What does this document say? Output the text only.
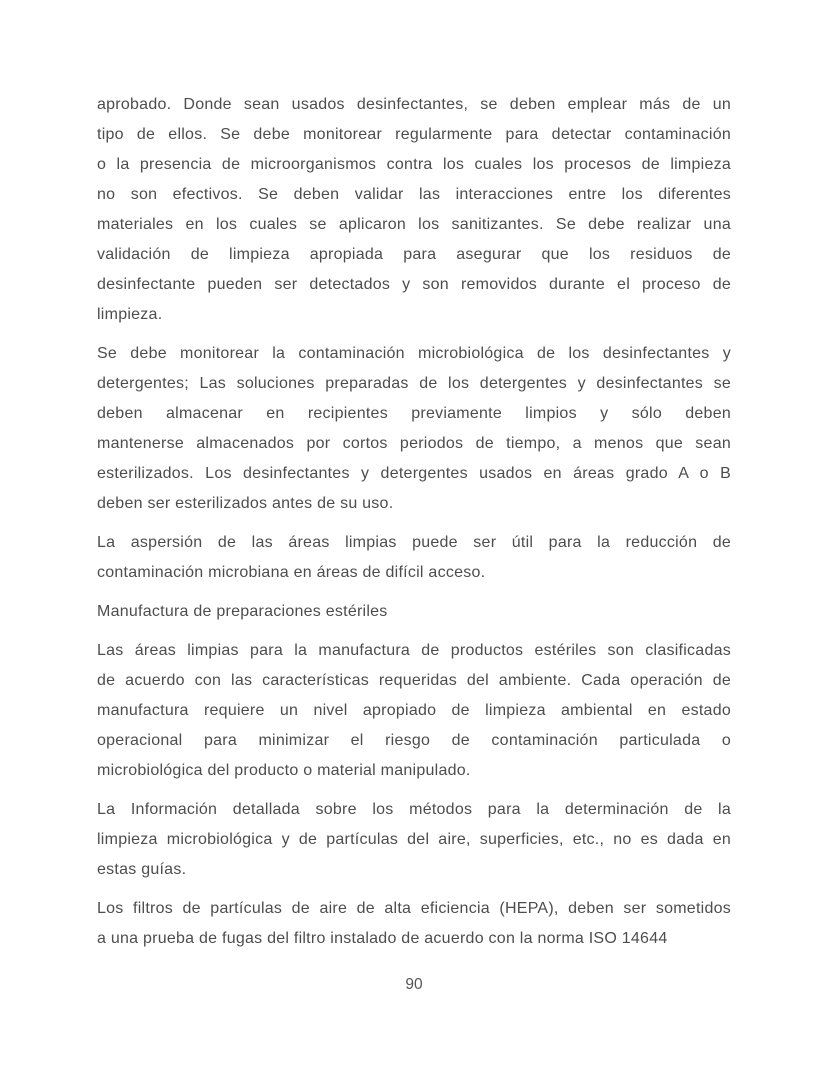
aprobado. Donde sean usados desinfectantes, se deben emplear más de un
tipo de ellos. Se debe monitorear regularmente para detectar contaminación
o la presencia de microorganismos contra los cuales los procesos de limpieza
no son efectivos. Se deben validar las interacciones entre los diferentes
materiales en los cuales se aplicaron los sanitizantes. Se debe realizar una
validación de limpieza apropiada para asegurar que los residuos de
desinfectante pueden ser detectados y son removidos durante el proceso de
limpieza.
Se debe monitorear la contaminación microbiológica de los desinfectantes y
detergentes; Las soluciones preparadas de los detergentes y desinfectantes se
deben almacenar en recipientes previamente limpios y sólo deben
mantenerse almacenados por cortos periodos de tiempo, a menos que sean
esterilizados. Los desinfectantes y detergentes usados en áreas grado A o B
deben ser esterilizados antes de su uso.
La aspersión de las áreas limpias puede ser útil para la reducción de
contaminación microbiana en áreas de difícil acceso.
Manufactura de preparaciones estériles
Las áreas limpias para la manufactura de productos estériles son clasificadas
de acuerdo con las características requeridas del ambiente. Cada operación de
manufactura requiere un nivel apropiado de limpieza ambiental en estado
operacional para minimizar el riesgo de contaminación particulada o
microbiológica del producto o material manipulado.
La Información detallada sobre los métodos para la determinación de la
limpieza microbiológica y de partículas del aire, superficies, etc., no es dada en
estas guías.
Los filtros de partículas de aire de alta eficiencia (HEPA), deben ser sometidos
a una prueba de fugas del filtro instalado de acuerdo con la norma ISO 14644
90
